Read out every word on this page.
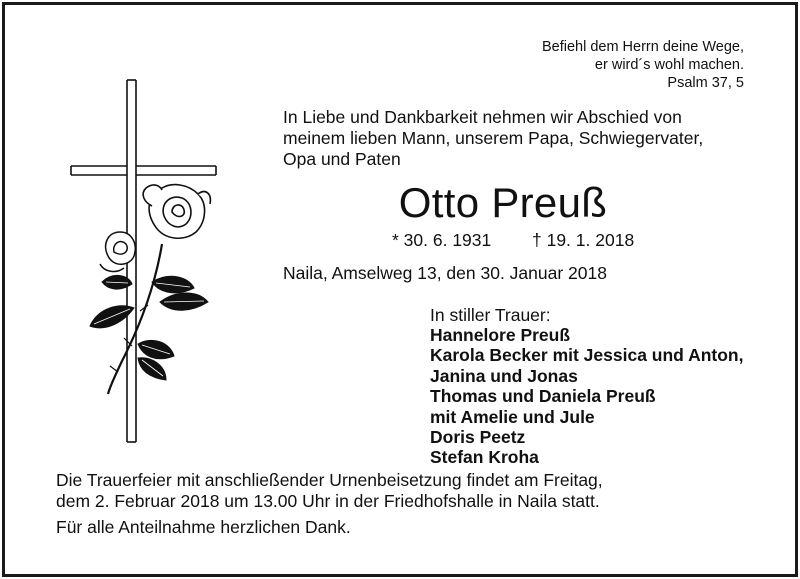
Befiehl dem Herrn deine Wege,
er wird´s wohl machen.
Psalm 37, 5
In Liebe und Dankbarkeit nehmen wir Abschied von
meinem lieben Mann, unserem Papa, Schwiegervater,
Opa und Paten
Otto Preuß
* 30. 6. 1931 † 19. 1. 2018
Naila, Amselweg 13, den 30. Januar 2018
In stiller Trauer:
Hannelore Preuß
Karola Becker mit Jessica und Anton,
Janina und Jonas
Thomas und Daniela Preuß
mit Amelie und Jule
Doris Peetz
Stefan Kroha
Die Trauerfeier mit anschließender Urnenbeisetzung findet am Freitag,
dem 2. Februar 2018 um 13.00 Uhr in der Friedhofshalle in Naila statt.
Für alle Anteilnahme herzlichen Dank.
